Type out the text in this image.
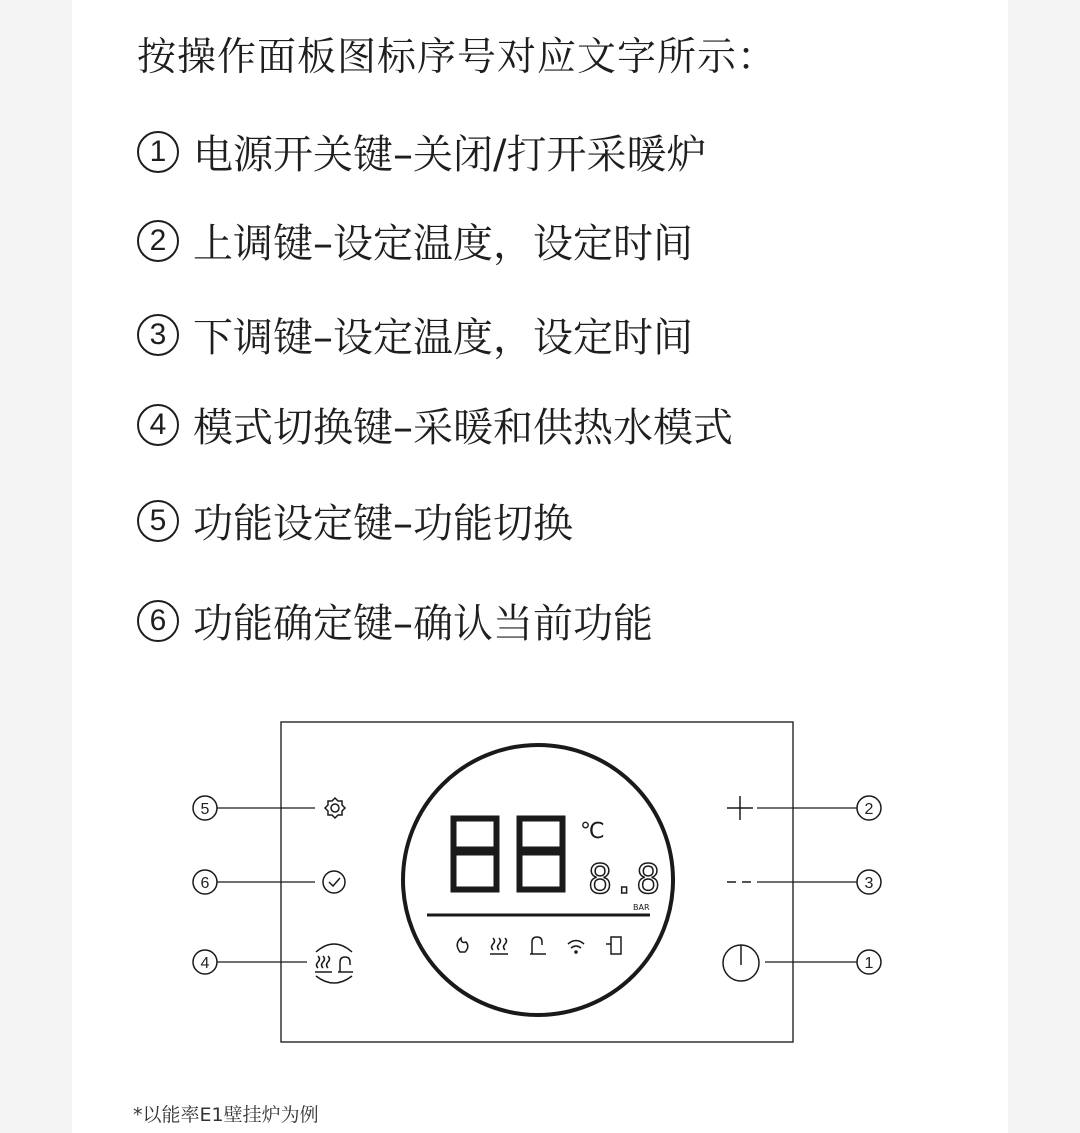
按操作面板图标序号对应文字所示：
1 电源开关键–关闭/打开采暖炉
2 上调键–设定温度，设定时间
3 下调键–设定温度，设定时间
4 模式切换键–采暖和供热水模式
5 功能设定键–功能切换
6 功能确定键–确认当前功能
℃
8.8
BAR
5
6
4
2
3
1
*以能率E1壁挂炉为例
